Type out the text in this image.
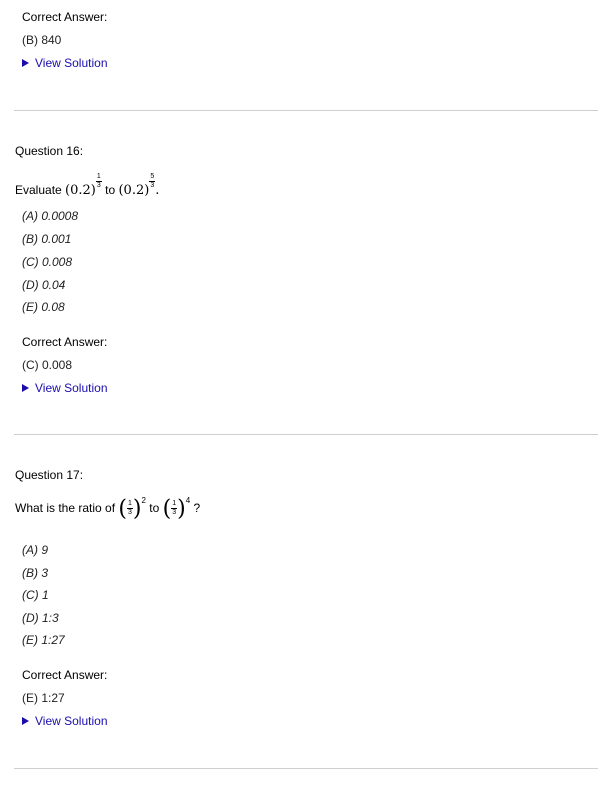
Correct Answer:
(B) 840
View Solution
Question 16:
Evaluate (0.2)
$\frac{1}{3}$ to (0.2)
$\frac{5}{3}$
.
(A) 0.0008
(B) 0.001
(C) 0.008
(D) 0.04
(E) 0.08
Correct Answer:
(C) 0.008
View Solution
Question 17:
What is the ratio of ( $\frac{1}{3} )^2$ to ( $\frac{1}{3} )^4$ ?
(A) 9
(B) 3
(C) 1
(D) 1:3
(E) 1:27
Correct Answer:
(E) 1:27
View Solution
